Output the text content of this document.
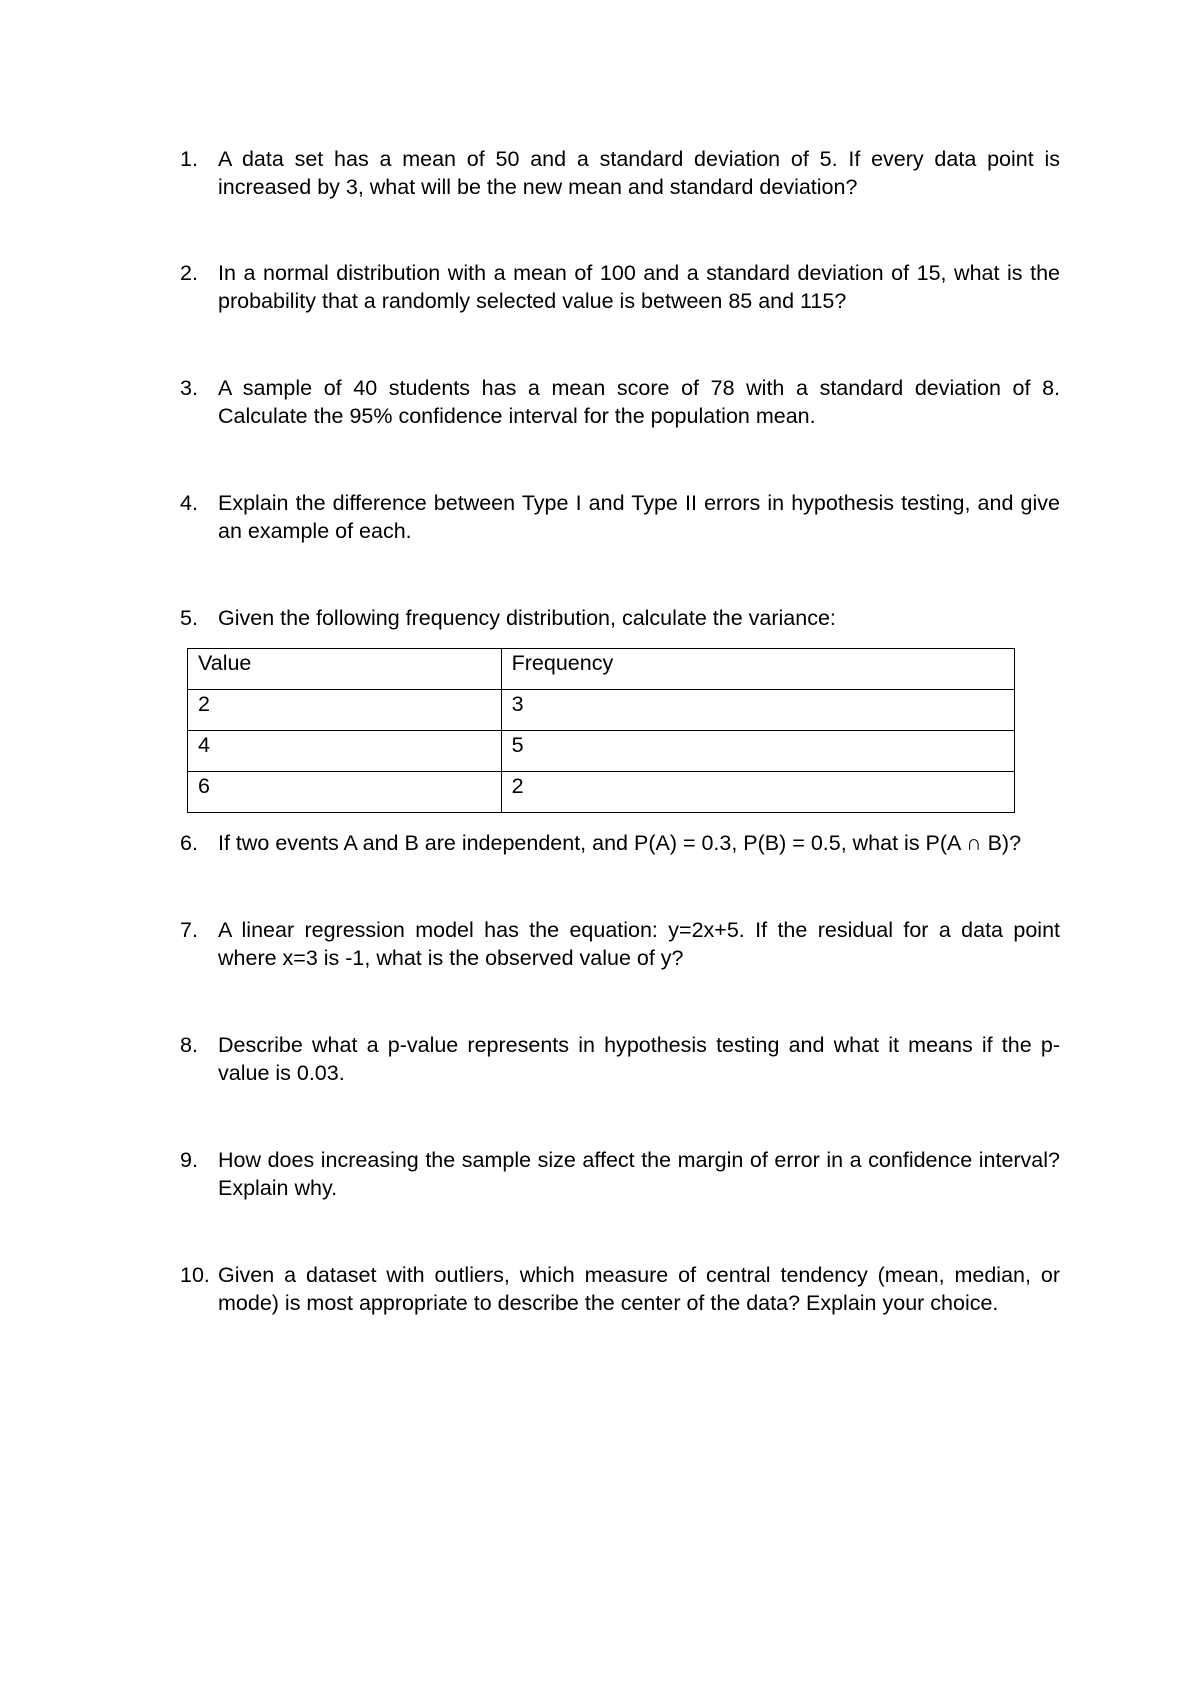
1. A data set has a mean of 50 and a standard deviation of 5. If every data point is increased by 3, what will be the new mean and standard deviation?
2. In a normal distribution with a mean of 100 and a standard deviation of 15, what is the probability that a randomly selected value is between 85 and 115?
3. A sample of 40 students has a mean score of 78 with a standard deviation of 8. Calculate the 95% confidence interval for the population mean.
4. Explain the difference between Type I and Type II errors in hypothesis testing, and give an example of each.
5. Given the following frequency distribution, calculate the variance:
Value	Frequency
2	3
4	5
6	2
6. If two events A and B are independent, and P(A) = 0.3, P(B) = 0.5, what is P(A ∩ B)?
7. A linear regression model has the equation: y=2x+5. If the residual for a data point where x=3 is -1, what is the observed value of y?
8. Describe what a p-value represents in hypothesis testing and what it means if the p-value is 0.03.
9. How does increasing the sample size affect the margin of error in a confidence interval? Explain why.
10. Given a dataset with outliers, which measure of central tendency (mean, median, or mode) is most appropriate to describe the center of the data? Explain your choice.
